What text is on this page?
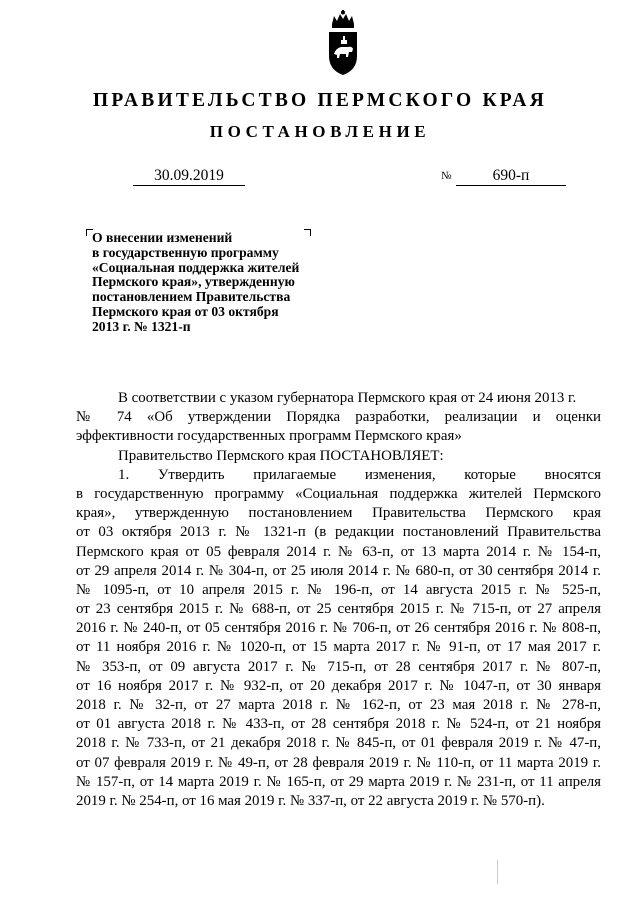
ПРАВИТЕЛЬСТВО ПЕРМСКОГО КРАЯ
ПОСТАНОВЛЕНИЕ
30.09.2019	№	690-п
О внесении изменений
в государственную программу
«Социальная поддержка жителей
Пермского края», утвержденную
постановлением Правительства
Пермского края от 03 октября
2013 г. № 1321-п
В соответствии с указом губернатора Пермского края от 24 июня 2013 г.
№ 74 «Об утверждении Порядка разработки, реализации и оценки
эффективности государственных программ Пермского края»
Правительство Пермского края ПОСТАНОВЛЯЕТ:
1. Утвердить прилагаемые изменения, которые вносятся
в государственную программу «Социальная поддержка жителей Пермского
края», утвержденную постановлением Правительства Пермского края
от 03 октября 2013 г. № 1321-п (в редакции постановлений Правительства
Пермского края от 05 февраля 2014 г. № 63-п, от 13 марта 2014 г. № 154-п,
от 29 апреля 2014 г. № 304-п, от 25 июля 2014 г. № 680-п, от 30 сентября 2014 г.
№ 1095-п, от 10 апреля 2015 г. № 196-п, от 14 августа 2015 г. № 525-п,
от 23 сентября 2015 г. № 688-п, от 25 сентября 2015 г. № 715-п, от 27 апреля
2016 г. № 240-п, от 05 сентября 2016 г. № 706-п, от 26 сентября 2016 г. № 808-п,
от 11 ноября 2016 г. № 1020-п, от 15 марта 2017 г. № 91-п, от 17 мая 2017 г.
№ 353-п, от 09 августа 2017 г. № 715-п, от 28 сентября 2017 г. № 807-п,
от 16 ноября 2017 г. № 932-п, от 20 декабря 2017 г. № 1047-п, от 30 января
2018 г. № 32-п, от 27 марта 2018 г. № 162-п, от 23 мая 2018 г. № 278-п,
от 01 августа 2018 г. № 433-п, от 28 сентября 2018 г. № 524-п, от 21 ноября
2018 г. № 733-п, от 21 декабря 2018 г. № 845-п, от 01 февраля 2019 г. № 47-п,
от 07 февраля 2019 г. № 49-п, от 28 февраля 2019 г. № 110-п, от 11 марта 2019 г.
№ 157-п, от 14 марта 2019 г. № 165-п, от 29 марта 2019 г. № 231-п, от 11 апреля
2019 г. № 254-п, от 16 мая 2019 г. № 337-п, от 22 августа 2019 г. № 570-п).
